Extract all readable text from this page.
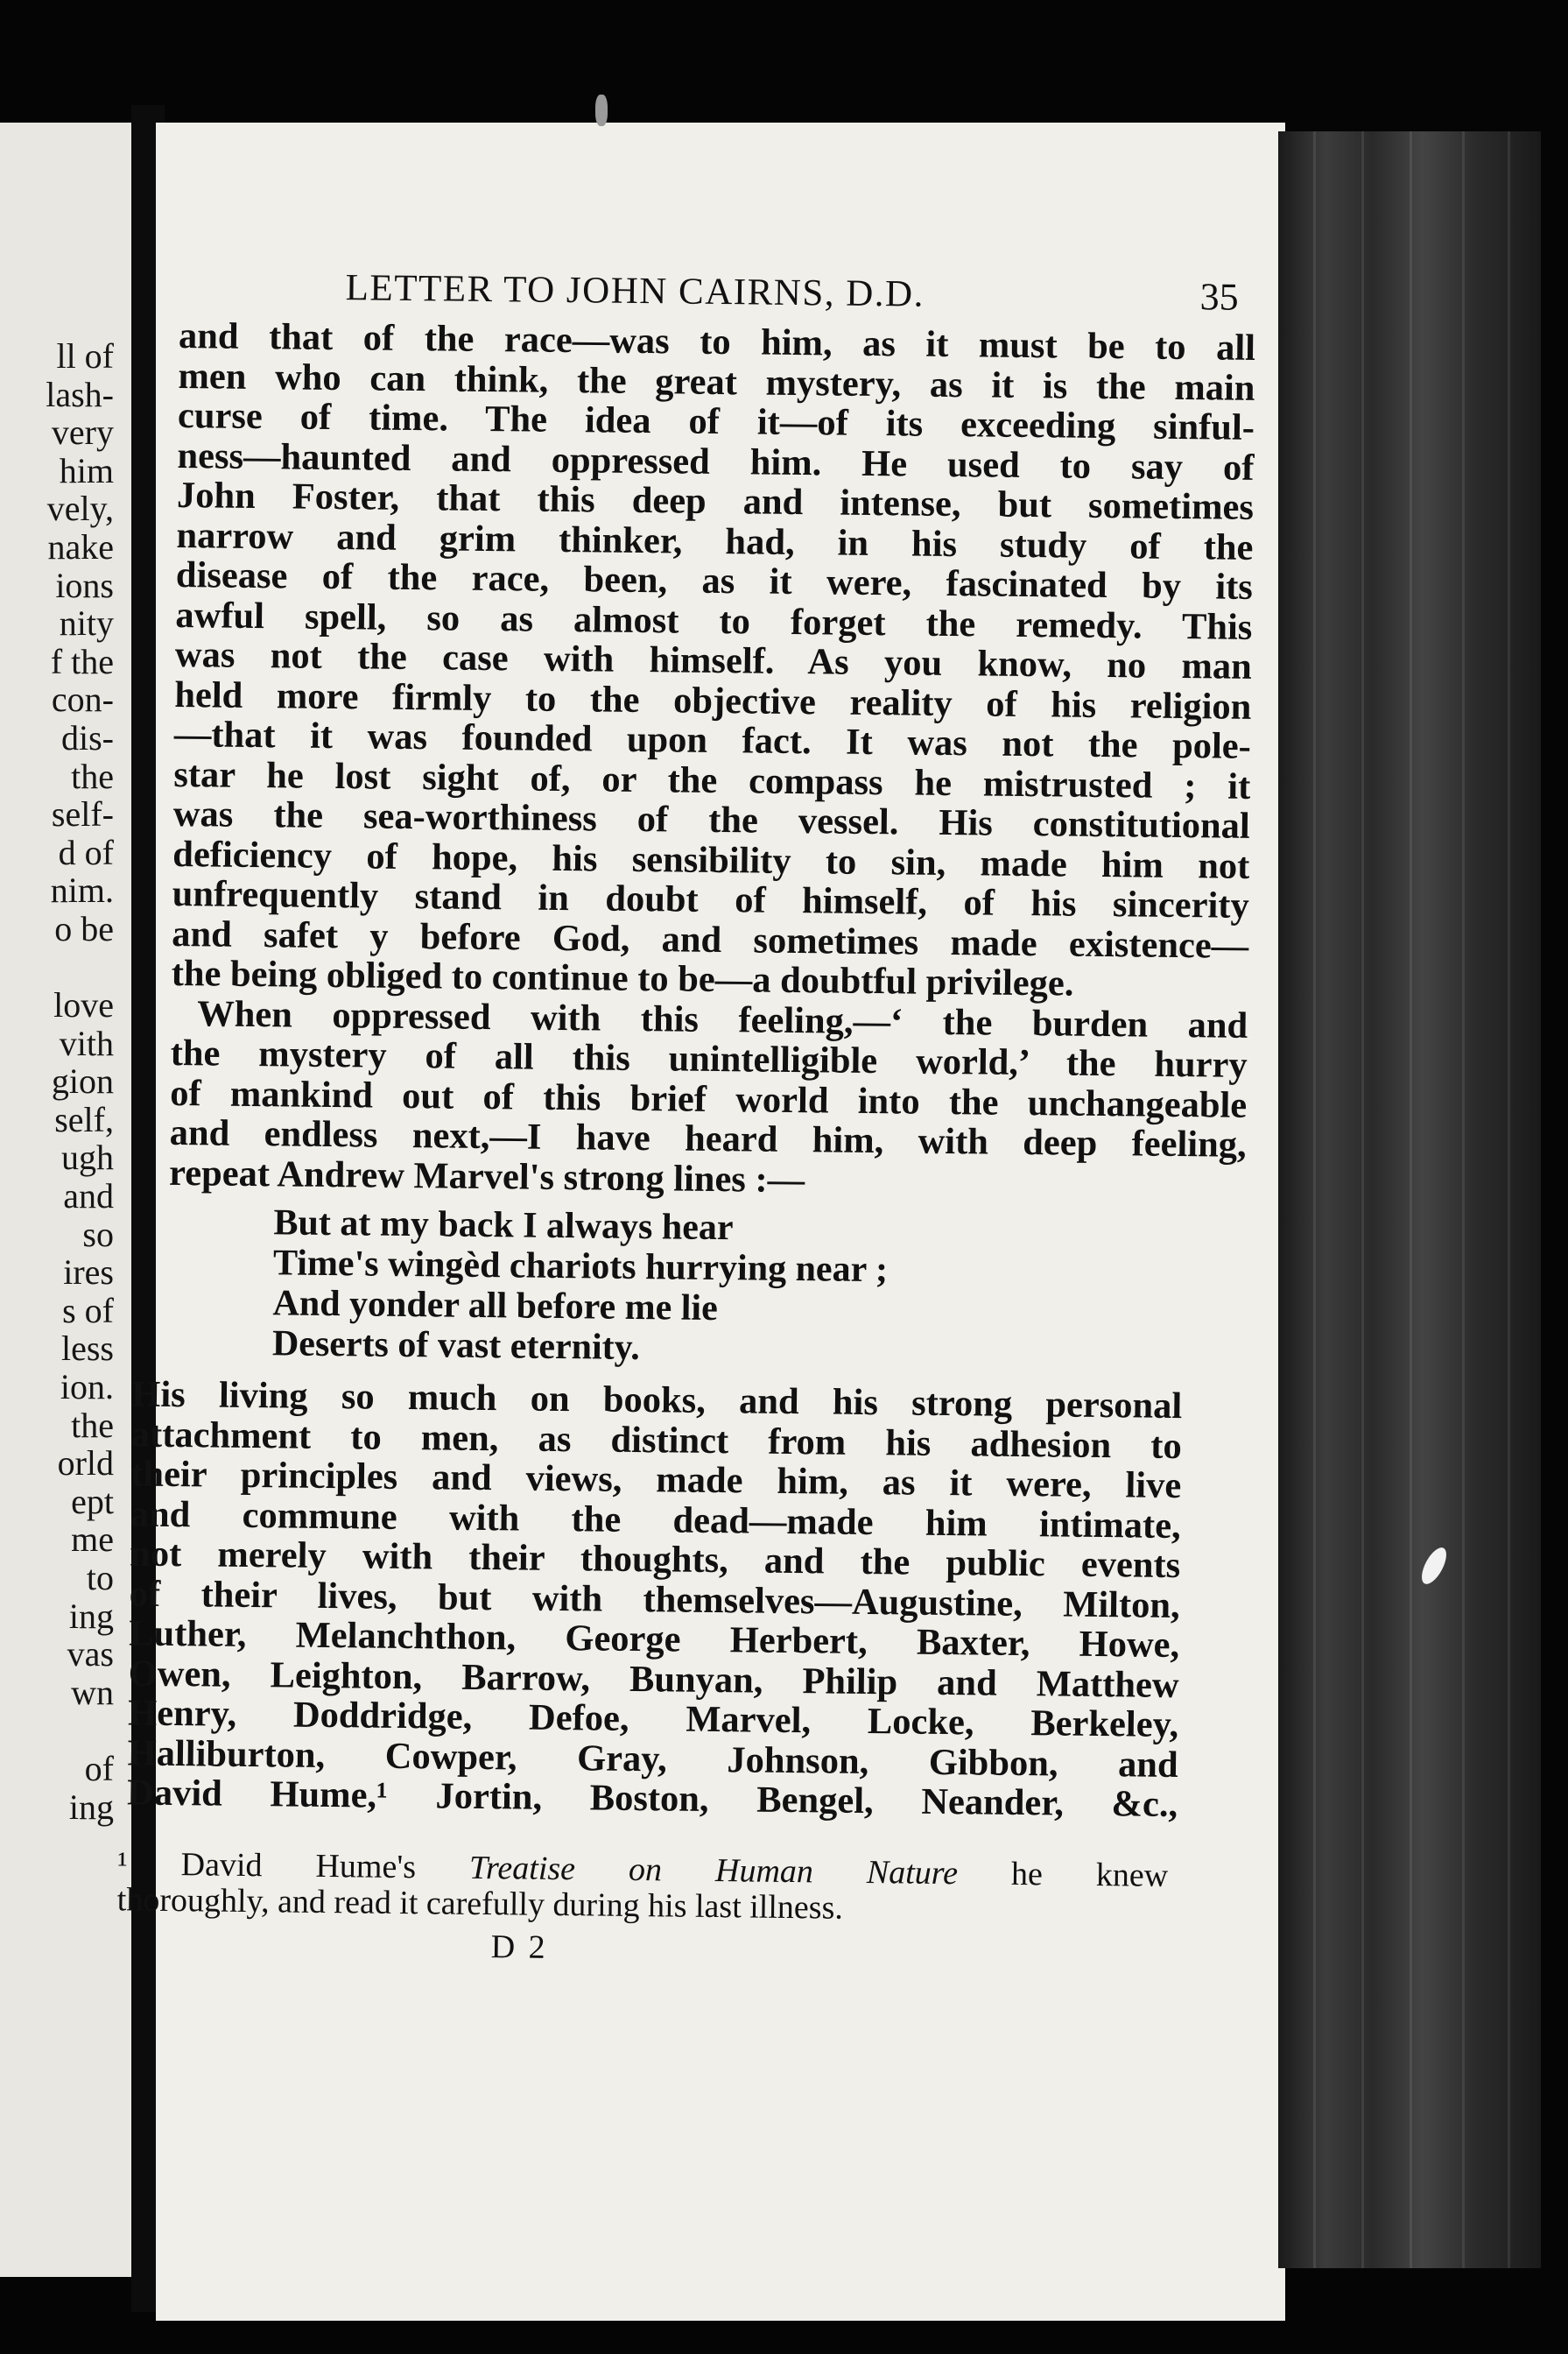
ll of
lash-
very
him
vely,
nake
ions
nity
f the
con-
dis-
the
self-
d of
nim.
o be
love
vith
gion
self,
ugh
and
so
ires
s of
less
ion.
the
orld
ept
me
to
ing
vas
wn
of
ing
LETTER TO JOHN CAIRNS, D.D.	35
and that of the race—was to him, as it must be to all
men who can think, the great mystery, as it is the main
curse of time. The idea of it—of its exceeding sinful-
ness—haunted and oppressed him. He used to say of
John Foster, that this deep and intense, but sometimes
narrow and grim thinker, had, in his study of the
disease of the race, been, as it were, fascinated by its
awful spell, so as almost to forget the remedy. This
was not the case with himself. As you know, no man
held more firmly to the objective reality of his religion
—that it was founded upon fact. It was not the pole-
star he lost sight of, or the compass he mistrusted ; it
was the sea-worthiness of the vessel. His constitutional
deficiency of hope, his sensibility to sin, made him not
unfrequently stand in doubt of himself, of his sincerity
and safet y before God, and sometimes made existence—
the being obliged to continue to be—a doubtful privilege.
When oppressed with this feeling,—‘ the burden and
the mystery of all this unintelligible world,’ the hurry
of mankind out of this brief world into the unchangeable
and endless next,—I have heard him, with deep feeling,
repeat Andrew Marvel's strong lines :—
But at my back I always hear
Time's wingèd chariots hurrying near ;
And yonder all before me lie
Deserts of vast eternity.
His living so much on books, and his strong personal
attachment to men, as distinct from his adhesion to
their principles and views, made him, as it were, live
and commune with the dead—made him intimate,
not merely with their thoughts, and the public events
of their lives, but with themselves—Augustine, Milton,
Luther, Melanchthon, George Herbert, Baxter, Howe,
Owen, Leighton, Barrow, Bunyan, Philip and Matthew
Henry, Doddridge, Defoe, Marvel, Locke, Berkeley,
Halliburton, Cowper, Gray, Johnson, Gibbon, and
David Hume,¹ Jortin, Boston, Bengel, Neander, &c.,
¹ David Hume's Treatise on Human Nature he knew
thoroughly, and read it carefully during his last illness.
D 2
